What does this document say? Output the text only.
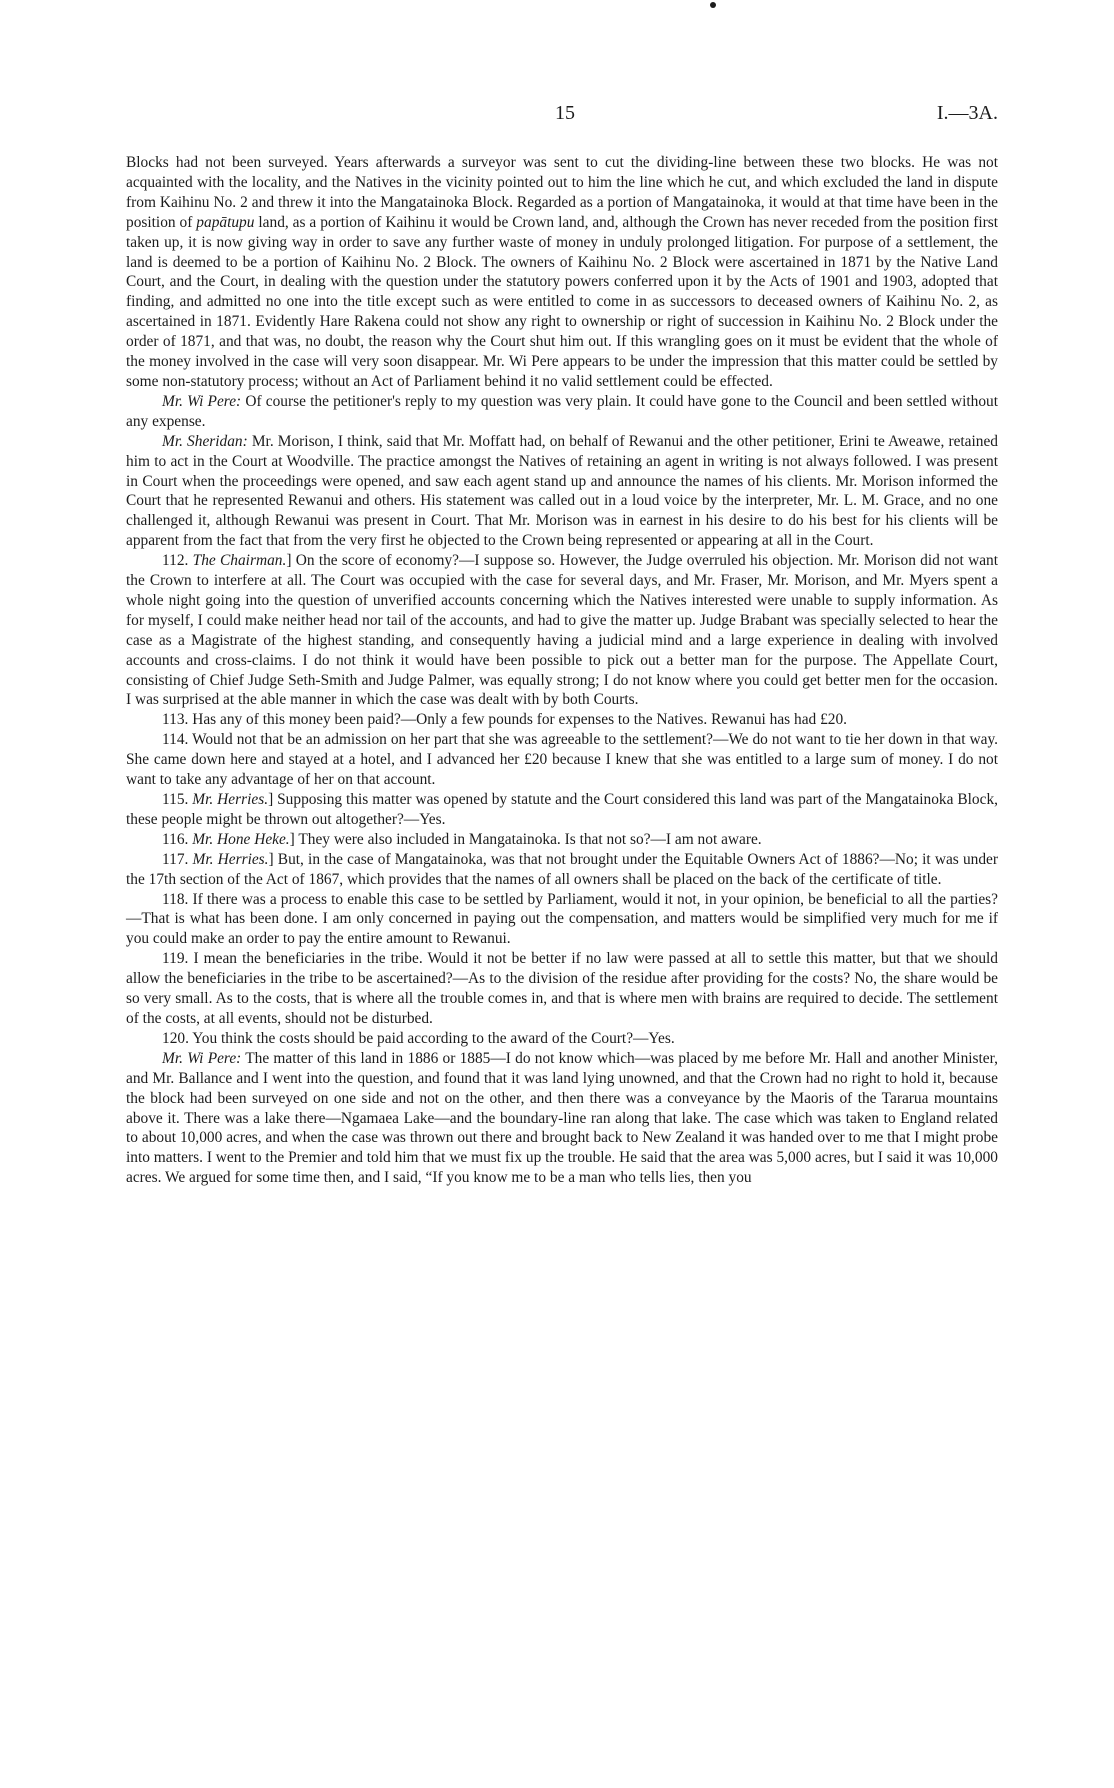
15	I.—3A.

Blocks had not been surveyed. Years afterwards a surveyor was sent to cut the dividing-line between these two blocks. He was not acquainted with the locality, and the Natives in the vicinity pointed out to him the line which he cut, and which excluded the land in dispute from Kaihinu No. 2 and threw it into the Mangatainoka Block. Regarded as a portion of Mangatainoka, it would at that time have been in the position of papātupu land, as a portion of Kaihinu it would be Crown land, and, although the Crown has never receded from the position first taken up, it is now giving way in order to save any further waste of money in unduly prolonged litigation. For purpose of a settlement, the land is deemed to be a portion of Kaihinu No. 2 Block. The owners of Kaihinu No. 2 Block were ascertained in 1871 by the Native Land Court, and the Court, in dealing with the question under the statutory powers conferred upon it by the Acts of 1901 and 1903, adopted that finding, and admitted no one into the title except such as were entitled to come in as successors to deceased owners of Kaihinu No. 2, as ascertained in 1871. Evidently Hare Rakena could not show any right to ownership or right of succession in Kaihinu No. 2 Block under the order of 1871, and that was, no doubt, the reason why the Court shut him out. If this wrangling goes on it must be evident that the whole of the money involved in the case will very soon disappear. Mr. Wi Pere appears to be under the impression that this matter could be settled by some non-statutory process; without an Act of Parliament behind it no valid settlement could be effected.

Mr. Wi Pere: Of course the petitioner's reply to my question was very plain. It could have gone to the Council and been settled without any expense.

Mr. Sheridan: Mr. Morison, I think, said that Mr. Moffatt had, on behalf of Rewanui and the other petitioner, Erini te Aweawe, retained him to act in the Court at Woodville. The practice amongst the Natives of retaining an agent in writing is not always followed. I was present in Court when the proceedings were opened, and saw each agent stand up and announce the names of his clients. Mr. Morison informed the Court that he represented Rewanui and others. His statement was called out in a loud voice by the interpreter, Mr. L. M. Grace, and no one challenged it, although Rewanui was present in Court. That Mr. Morison was in earnest in his desire to do his best for his clients will be apparent from the fact that from the very first he objected to the Crown being represented or appearing at all in the Court.

112. The Chairman.] On the score of economy?—I suppose so. However, the Judge overruled his objection. Mr. Morison did not want the Crown to interfere at all. The Court was occupied with the case for several days, and Mr. Fraser, Mr. Morison, and Mr. Myers spent a whole night going into the question of unverified accounts concerning which the Natives interested were unable to supply information. As for myself, I could make neither head nor tail of the accounts, and had to give the matter up. Judge Brabant was specially selected to hear the case as a Magistrate of the highest standing, and consequently having a judicial mind and a large experience in dealing with involved accounts and cross-claims. I do not think it would have been possible to pick out a better man for the purpose. The Appellate Court, consisting of Chief Judge Seth-Smith and Judge Palmer, was equally strong; I do not know where you could get better men for the occasion. I was surprised at the able manner in which the case was dealt with by both Courts.

113. Has any of this money been paid?—Only a few pounds for expenses to the Natives. Rewanui has had £20.

114. Would not that be an admission on her part that she was agreeable to the settlement?—We do not want to tie her down in that way. She came down here and stayed at a hotel, and I advanced her £20 because I knew that she was entitled to a large sum of money. I do not want to take any advantage of her on that account.

115. Mr. Herries.] Supposing this matter was opened by statute and the Court considered this land was part of the Mangatainoka Block, these people might be thrown out altogether?—Yes.

116. Mr. Hone Heke.] They were also included in Mangatainoka. Is that not so?—I am not aware.

117. Mr. Herries.] But, in the case of Mangatainoka, was that not brought under the Equitable Owners Act of 1886?—No; it was under the 17th section of the Act of 1867, which provides that the names of all owners shall be placed on the back of the certificate of title.

118. If there was a process to enable this case to be settled by Parliament, would it not, in your opinion, be beneficial to all the parties?—That is what has been done. I am only concerned in paying out the compensation, and matters would be simplified very much for me if you could make an order to pay the entire amount to Rewanui.

119. I mean the beneficiaries in the tribe. Would it not be better if no law were passed at all to settle this matter, but that we should allow the beneficiaries in the tribe to be ascertained?—As to the division of the residue after providing for the costs? No, the share would be so very small. As to the costs, that is where all the trouble comes in, and that is where men with brains are required to decide. The settlement of the costs, at all events, should not be disturbed.

120. You think the costs should be paid according to the award of the Court?—Yes.

Mr. Wi Pere: The matter of this land in 1886 or 1885—I do not know which—was placed by me before Mr. Hall and another Minister, and Mr. Ballance and I went into the question, and found that it was land lying unowned, and that the Crown had no right to hold it, because the block had been surveyed on one side and not on the other, and then there was a conveyance by the Maoris of the Tararua mountains above it. There was a lake there—Ngamaea Lake—and the boundary-line ran along that lake. The case which was taken to England related to about 10,000 acres, and when the case was thrown out there and brought back to New Zealand it was handed over to me that I might probe into matters. I went to the Premier and told him that we must fix up the trouble. He said that the area was 5,000 acres, but I said it was 10,000 acres. We argued for some time then, and I said, “If you know me to be a man who tells lies, then you
